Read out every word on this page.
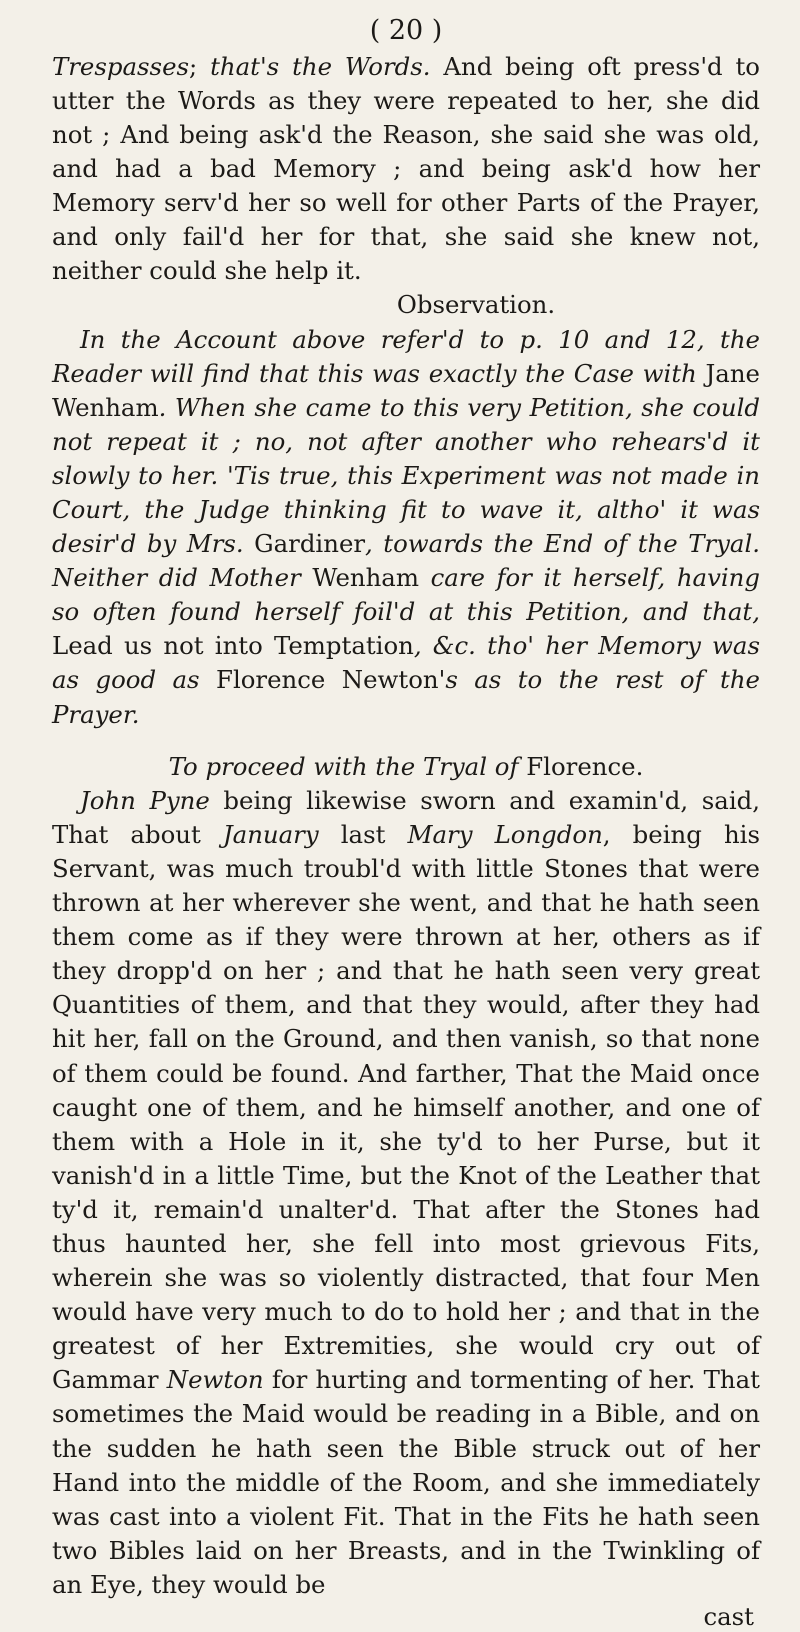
( 20 )

Trespasses; that's the Words. And being oft press'd to utter the Words as they were repeated to her, she did not ; And being ask'd the Reason, she said she was old, and had a bad Memory ; and being ask'd how her Memory serv'd her so well for other Parts of the Prayer, and only fail'd her for that, she said she knew not, neither could she help it.

Observation.

In the Account above refer'd to p. 10 and 12, the Reader will find that this was exactly the Case with Jane Wenham. When she came to this very Petition, she could not repeat it ; no, not after another who rehears'd it slowly to her. 'Tis true, this Experiment was not made in Court, the Judge thinking fit to wave it, altho' it was desir'd by Mrs. Gardiner, towards the End of the Tryal. Neither did Mother Wenham care for it herself, having so often found herself foil'd at this Petition, and that, Lead us not into Temptation, &c. tho' her Memory was as good as Florence Newton's as to the rest of the Prayer.

To proceed with the Tryal of Florence.

John Pyne being likewise sworn and examin'd, said, That about January last Mary Longdon, being his Servant, was much troubl'd with little Stones that were thrown at her wherever she went, and that he hath seen them come as if they were thrown at her, others as if they dropp'd on her ; and that he hath seen very great Quantities of them, and that they would, after they had hit her, fall on the Ground, and then vanish, so that none of them could be found. And farther, That the Maid once caught one of them, and he himself another, and one of them with a Hole in it, she ty'd to her Purse, but it vanish'd in a little Time, but the Knot of the Leather that ty'd it, remain'd unalter'd. That after the Stones had thus haunted her, she fell into most grievous Fits, wherein she was so violently distracted, that four Men would have very much to do to hold her ; and that in the greatest of her Extremities, she would cry out of Gammar Newton for hurting and tormenting of her. That sometimes the Maid would be reading in a Bible, and on the sudden he hath seen the Bible struck out of her Hand into the middle of the Room, and she immediately was cast into a violent Fit. That in the Fits he hath seen two Bibles laid on her Breasts, and in the Twinkling of an Eye, they would be

cast
